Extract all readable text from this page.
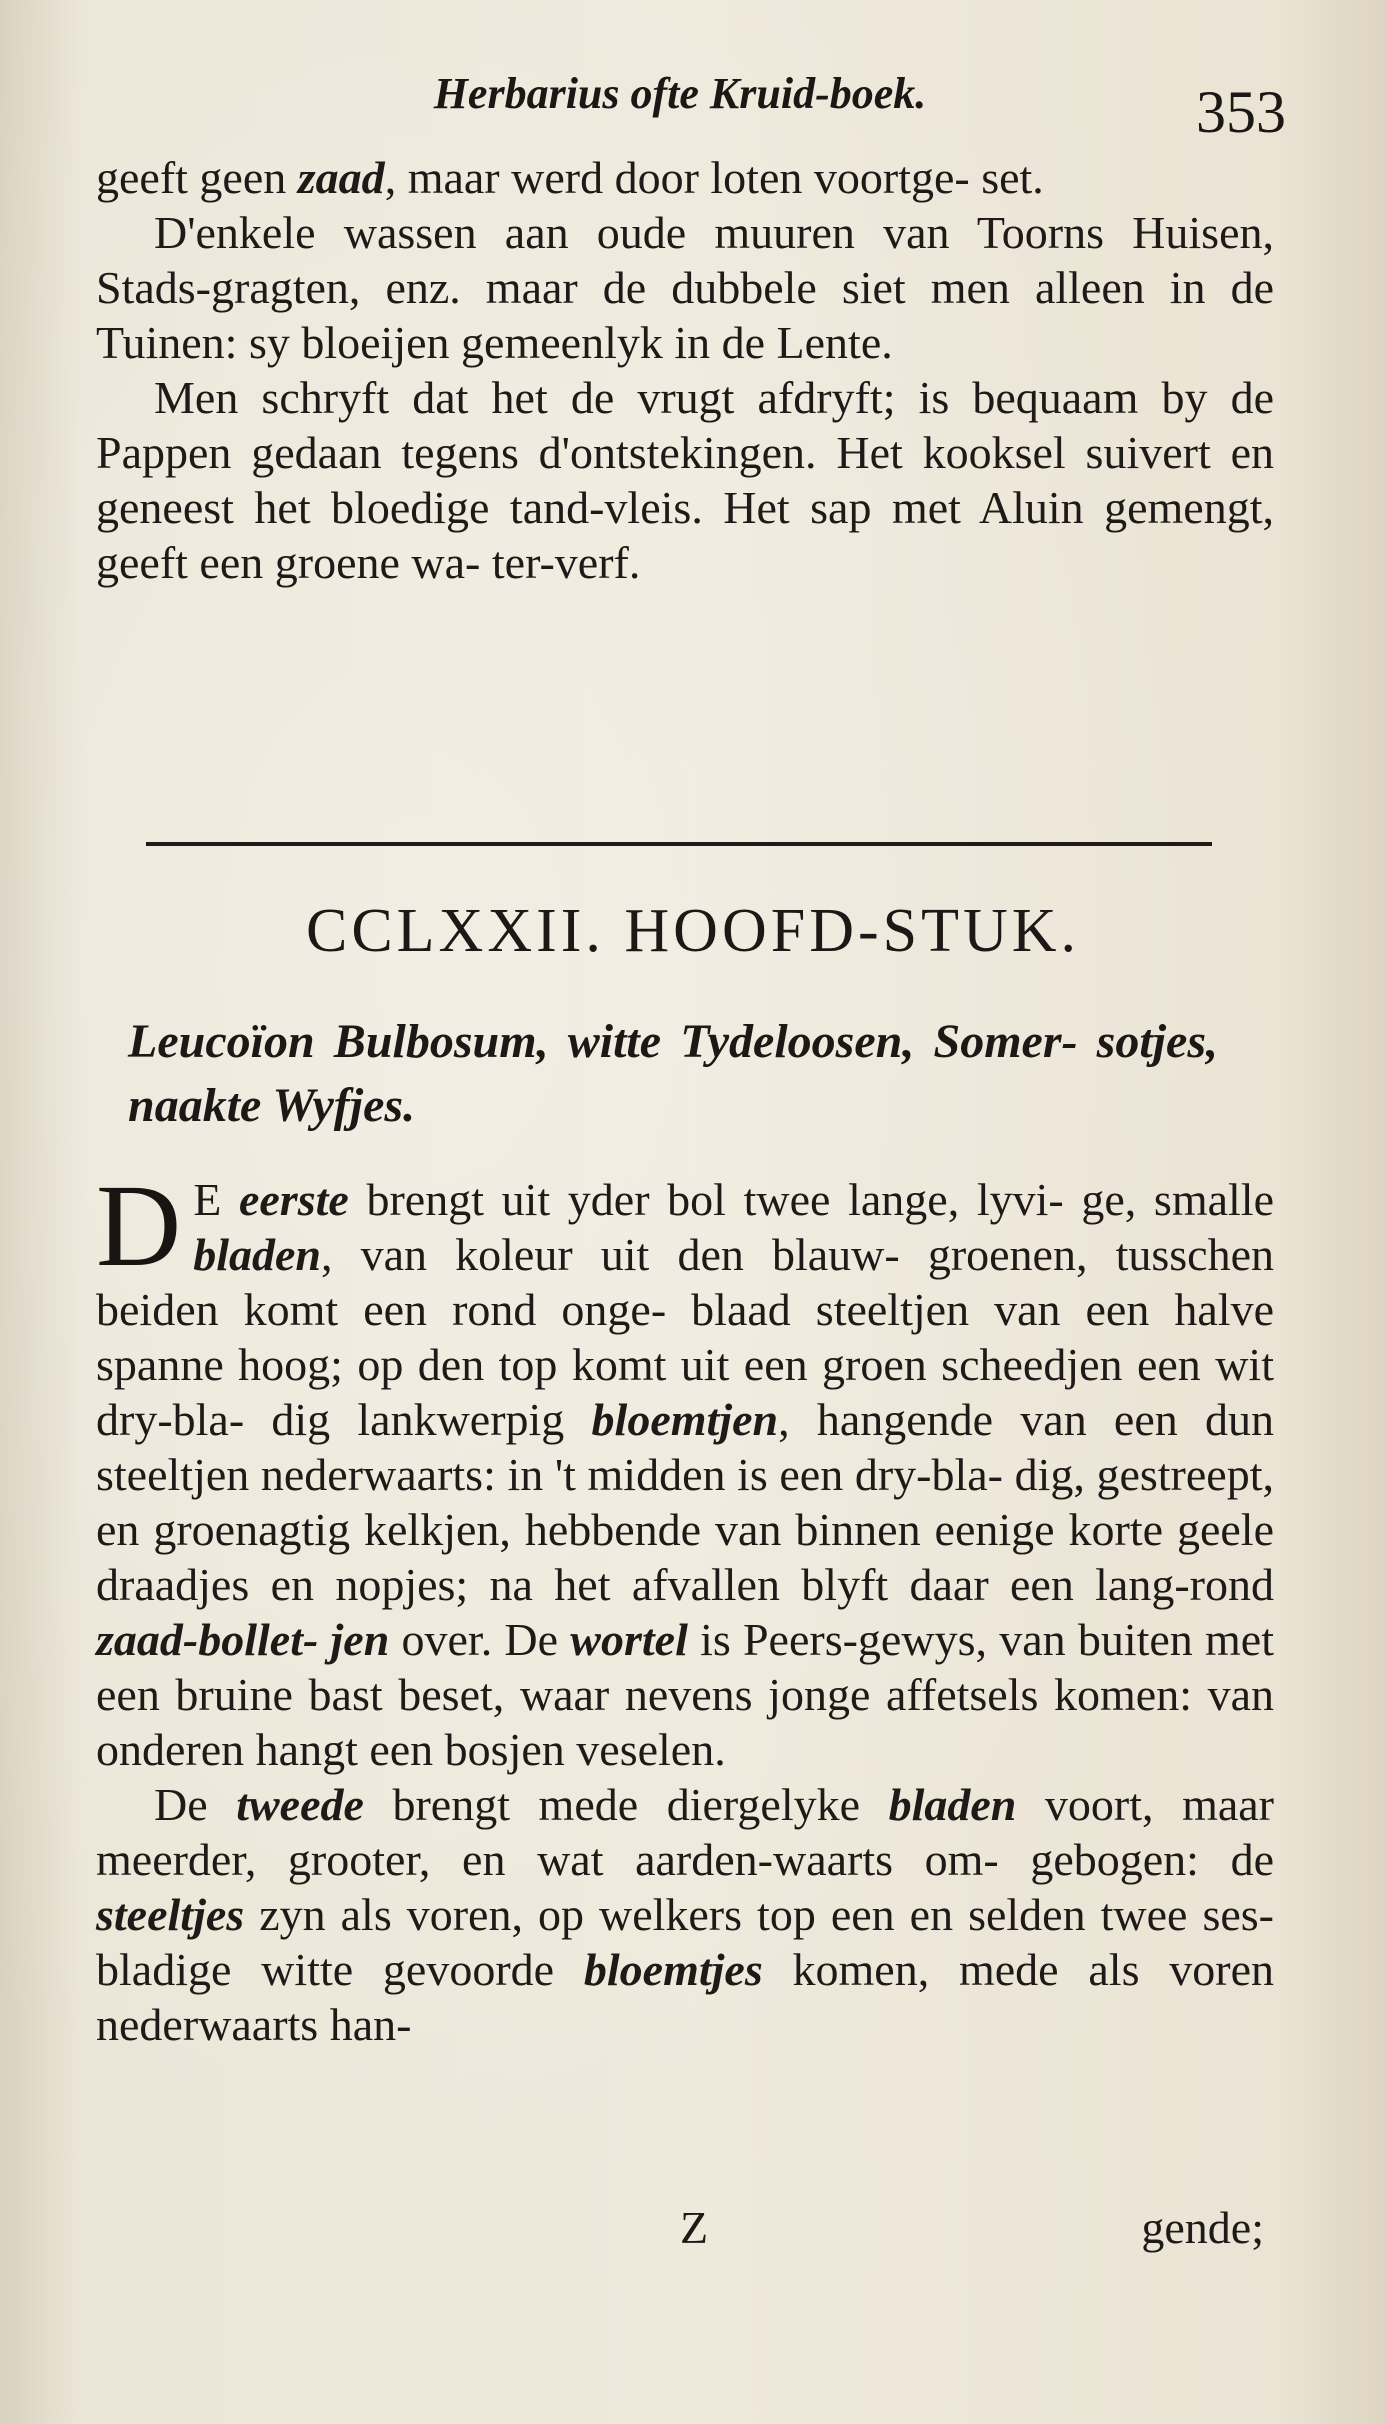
Herbarius ofte Kruid-boek.	353

geeft geen zaad, maar werd door loten voortge- set.

D'enkele wassen aan oude muuren van Toorns Huisen, Stads-gragten, enz. maar de dubbele siet men alleen in de Tuinen: sy bloeijen gemeenlyk in de Lente.

Men schryft dat het de vrugt afdryft; is bequaam by de Pappen gedaan tegens d'ontstekingen. Het kooksel suivert en geneest het bloedige tand-vleis. Het sap met Aluin gemengt, geeft een groene wa- ter-verf.

CCLXXII. HOOFD-STUK.
Leucoïon Bulbosum, witte Tydeloosen, Somer- sotjes, naakte Wyfjes.

D E eerste brengt uit yder bol twee lange, lyvi- ge, smalle bladen, van koleur uit den blauw- groenen, tusschen beiden komt een rond onge- blaad steeltjen van een halve spanne hoog; op den top komt uit een groen scheedjen een wit dry-bla- dig lankwerpig bloemtjen, hangende van een dun steeltjen nederwaarts: in 't midden is een dry-bla- dig, gestreept, en groenagtig kelkjen, hebbende van binnen eenige korte geele draadjes en nopjes; na het afvallen blyft daar een lang-rond zaad-bollet- jen over. De wortel is Peers-gewys, van buiten met een bruine bast beset, waar nevens jonge affetsels komen: van onderen hangt een bosjen veselen.

De tweede brengt mede diergelyke bladen voort, maar meerder, grooter, en wat aarden-waarts om- gebogen: de steeltjes zyn als voren, op welkers top een en selden twee ses-bladige witte gevoorde bloemtjes komen, mede als voren nederwaarts han-

Z	gende;
